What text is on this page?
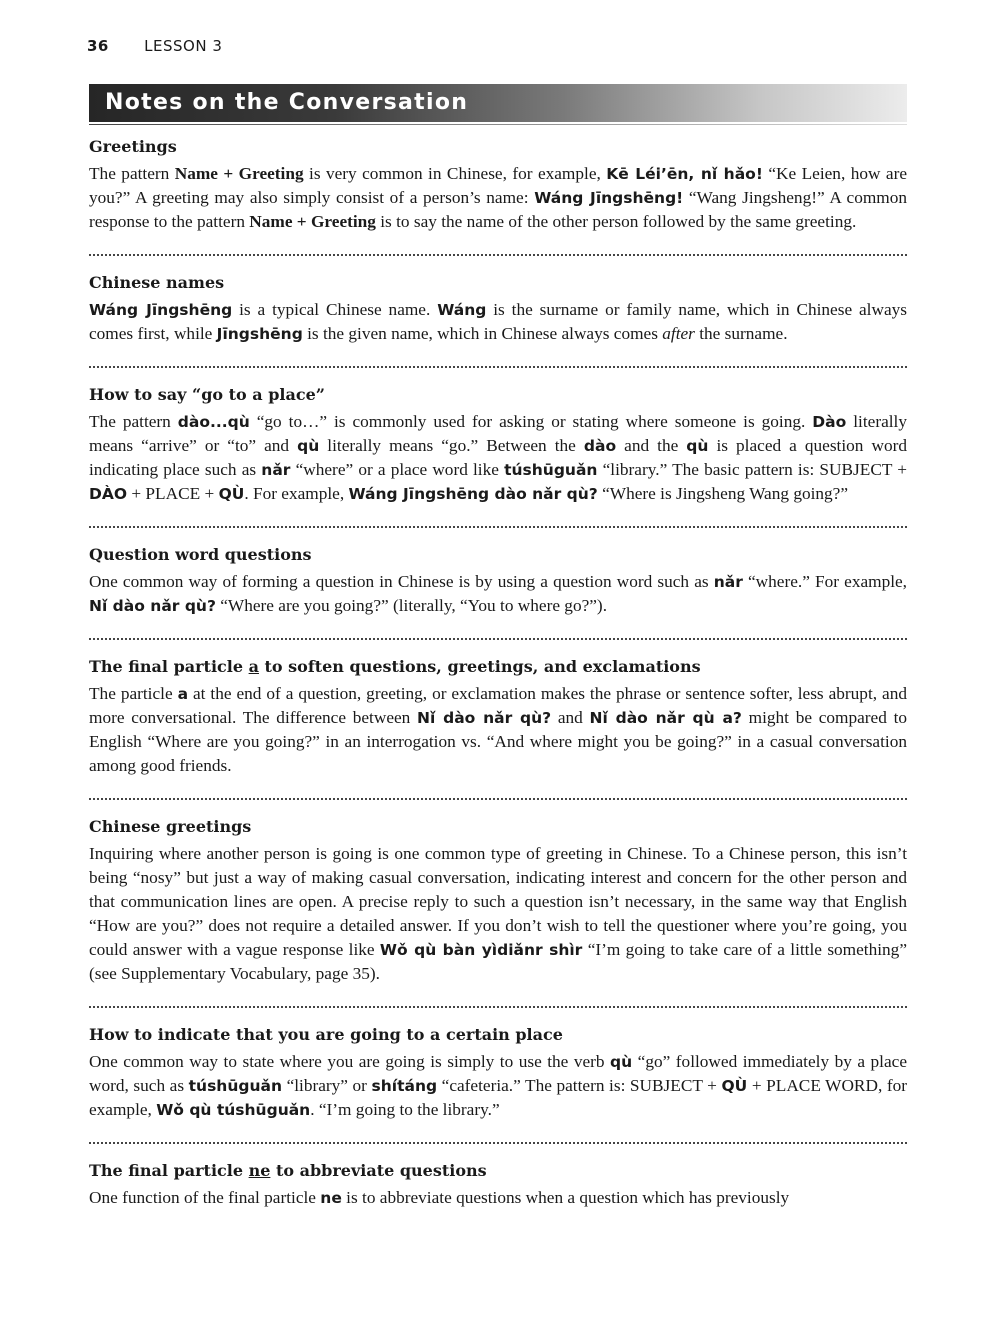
36 LESSON 3
Notes on the Conversation
Greetings

The pattern Name + Greeting is very common in Chinese, for example, Kē Léi’ēn, nǐ hǎo! “Ke Leien, how are you?” A greeting may also simply consist of a person’s name: Wáng Jīngshēng! “Wang Jingsheng!” A common response to the pattern Name + Greeting is to say the name of the other person followed by the same greeting.

Chinese names

Wáng Jīngshēng is a typical Chinese name. Wáng is the surname or family name, which in Chinese always comes first, while Jīngshēng is the given name, which in Chinese always comes after the surname.

How to say “go to a place”

The pattern dào...qù “go to…” is commonly used for asking or stating where someone is going. Dào literally means “arrive” or “to” and qù literally means “go.” Between the dào and the qù is placed a question word indicating place such as nǎr “where” or a place word like túshūguǎn “library.” The basic pattern is: SUBJECT + DÀO + PLACE + QÙ. For example, Wáng Jīngshēng dào nǎr qù? “Where is Jingsheng Wang going?”

Question word questions

One common way of forming a question in Chinese is by using a question word such as nǎr “where.” For example, Nǐ dào nǎr qù? “Where are you going?” (literally, “You to where go?”).

The final particle a to soften questions, greetings, and exclamations

The particle a at the end of a question, greeting, or exclamation makes the phrase or sentence softer, less abrupt, and more conversational. The difference between Nǐ dào nǎr qù? and Nǐ dào nǎr qù a? might be compared to English “Where are you going?” in an interrogation vs. “And where might you be going?” in a casual conversation among good friends.

Chinese greetings

Inquiring where another person is going is one common type of greeting in Chinese. To a Chinese person, this isn’t being “nosy” but just a way of making casual conversation, indicating interest and concern for the other person and that communication lines are open. A precise reply to such a question isn’t necessary, in the same way that English “How are you?” does not require a detailed answer. If you don’t wish to tell the questioner where you’re going, you could answer with a vague response like Wǒ qù bàn yìdiǎnr shìr “I’m going to take care of a little something” (see Supplementary Vocabulary, page 35).

How to indicate that you are going to a certain place

One common way to state where you are going is simply to use the verb qù “go” followed immediately by a place word, such as túshūguǎn “library” or shítáng “cafeteria.” The pattern is: SUBJECT + QÙ + PLACE WORD, for example, Wǒ qù túshūguǎn. “I’m going to the library.”

The final particle ne to abbreviate questions

One function of the final particle ne is to abbreviate questions when a question which has previously
